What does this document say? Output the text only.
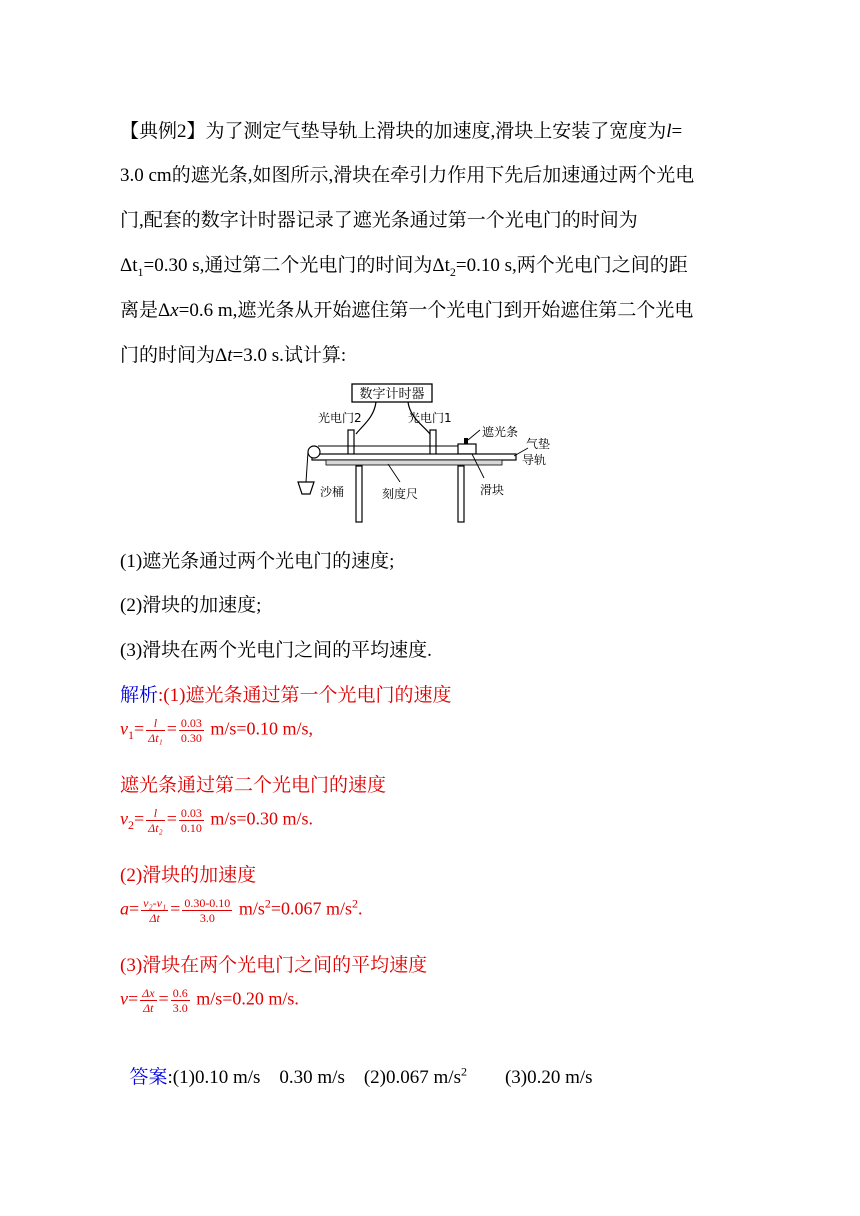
【典例2】为了测定气垫导轨上滑块的加速度,滑块上安装了宽度为l=
3.0 cm的遮光条,如图所示,滑块在牵引力作用下先后加速通过两个光电
门,配套的数字计时器记录了遮光条通过第一个光电门的时间为
$\Delta t_1=0.30$ s,通过第二个光电门的时间为$\Delta t_2=0.10$ s,两个光电门之间的距
离是Δx=0.6 m,遮光条从开始遮住第一个光电门到开始遮住第二个光电
门的时间为Δt=3.0 s.试计算:
数字计时器
光电门2	光电门1
沙桶	刻度尺	滑块
遮光条
气垫
导轨
(1)遮光条通过两个光电门的速度;
(2)滑块的加速度;
(3)滑块在两个光电门之间的平均速度.
解析:(1)遮光条通过第一个光电门的速度
$v_1= \frac{l}{\text{Δt₁}} = \frac{0.03}{0.30} m/s=0.10$ m/s,
遮光条通过第二个光电门的速度
$v_2= \frac{l}{\text{Δt₂}} = \frac{0.03}{0.10} m/s=0.30$ m/s.
(2)滑块的加速度
$a= \frac{\text{v₂-v₁}}{\Delta t} = \frac{0.30-0.10}{3.0} m/s^2=0.067$ $m/s^2$.
(3)滑块在两个光电门之间的平均速度
$v= \frac{\Delta x}{\Delta t} = \frac{0.6}{3.0} m/s=0.20$ m/s.

答案:(1)0.10 m/s    0.30 m/s    (2)0.067 $m/s^2$        (3)0.20 m/s
